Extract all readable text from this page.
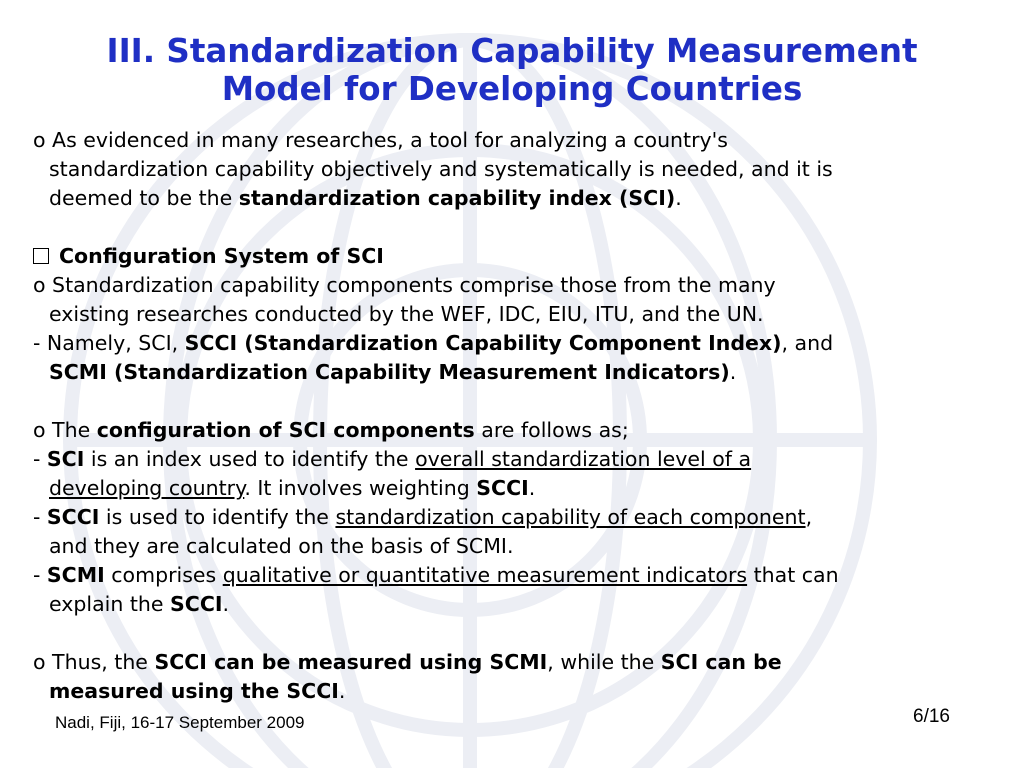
III. Standardization Capability Measurement
Model for Developing Countries
o As evidenced in many researches, a tool for analyzing a country's
standardization capability objectively and systematically is needed, and it is
deemed to be the standardization capability index (SCI).
Configuration System of SCI
o Standardization capability components comprise those from the many
existing researches conducted by the WEF, IDC, EIU, ITU, and the UN.
- Namely, SCI, SCCI (Standardization Capability Component Index), and
SCMI (Standardization Capability Measurement Indicators).
o The configuration of SCI components are follows as;
- SCI is an index used to identify the overall standardization level of a
developing country. It involves weighting SCCI.
- SCCI is used to identify the standardization capability of each component,
and they are calculated on the basis of SCMI.
- SCMI comprises qualitative or quantitative measurement indicators that can
explain the SCCI.
o Thus, the SCCI can be measured using SCMI, while the SCI can be
measured using the SCCI.
Nadi, Fiji, 16-17 September 2009	6/16
